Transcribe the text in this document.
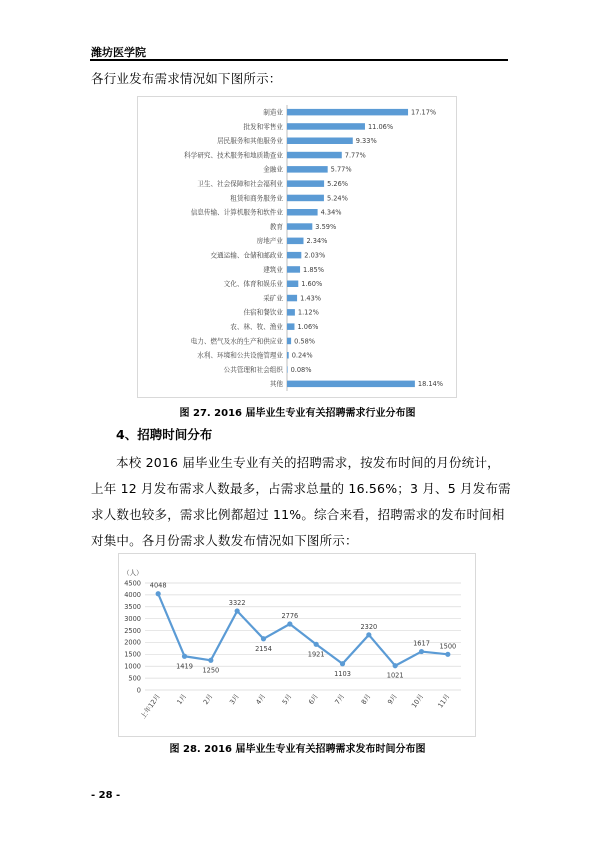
潍坊医学院
各行业发布需求情况如下图所示：
制造业	17.17%
批发和零售业	11.06%
居民服务和其他服务业	9.33%
科学研究、技术服务和地质勘查业	7.77%
金融业	5.77%
卫生、社会保障和社会福利业	5.26%
租赁和商务服务业	5.24%
信息传输、计算机服务和软件业	4.34%
教育	3.59%
房地产业	2.34%
交通运输、仓储和邮政业	2.03%
建筑业	1.85%
文化、体育和娱乐业	1.60%
采矿业	1.43%
住宿和餐饮业 1.12%
农、林、牧、渔业 1.06%
电力、燃气及水的生产和供应业 0.58%
水利、环境和公共设施管理业 0.24%
公共管理和社会组织 0.08%
其他	18.14%
图 27. 2016 届毕业生专业有关招聘需求行业分布图
4、招聘时间分布

本校 2016 届毕业生专业有关的招聘需求，按发布时间的月份统计，上年 12 月发布需求人数最多，占需求总量的 16.56%；3 月、5 月发布需求人数也较多，需求比例都超过 11%。综合来看，招聘需求的发布时间相对集中。各月份需求人数发布情况如下图所示：

（人）
0
500
1000
1500
2000
2500
3000
3500
4000
4500 4048
1419
1250
3322
2154
2776
1921
1103
2320
1021
1617 1500
上年12月 1月 2月 3月 4月 5月 6月 7月 8月 9月 10月 11月
图 28. 2016 届毕业生专业有关招聘需求发布时间分布图
- 28 -
